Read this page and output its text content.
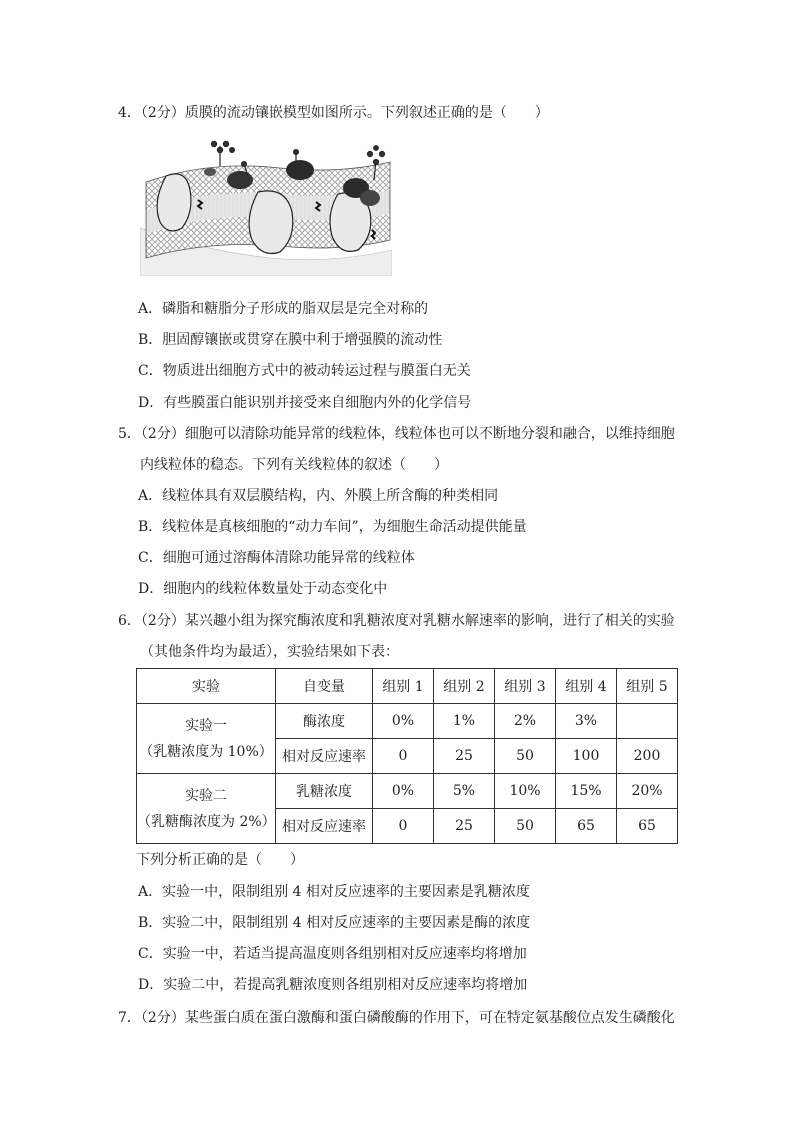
4．（2分）质膜的流动镶嵌模型如图所示。下列叙述正确的是（　　）
A．磷脂和糖脂分子形成的脂双层是完全对称的
B．胆固醇镶嵌或贯穿在膜中利于增强膜的流动性
C．物质进出细胞方式中的被动转运过程与膜蛋白无关
D．有些膜蛋白能识别并接受来自细胞内外的化学信号
5．（2分）细胞可以清除功能异常的线粒体，线粒体也可以不断地分裂和融合，以维持细胞
内线粒体的稳态。下列有关线粒体的叙述（　　）
A．线粒体具有双层膜结构，内、外膜上所含酶的种类相同
B．线粒体是真核细胞的“动力车间”，为细胞生命活动提供能量
C．细胞可通过溶酶体清除功能异常的线粒体
D．细胞内的线粒体数量处于动态变化中
6．（2分）某兴趣小组为探究酶浓度和乳糖浓度对乳糖水解速率的影响，进行了相关的实验
（其他条件均为最适），实验结果如下表：
实验	自变量	组别 1	组别 2	组别 3	组别 4	组别 5

实验一
（乳糖浓度为 10%）	酶浓度	0%	1%	2%	3%	
	相对反应速率	0	25	50	100	200

实验二
（乳糖酶浓度为 2%）	乳糖浓度	0%	5%	10%	15%	20%
	相对反应速率	0	25	50	65	65
下列分析正确的是（　　）
A．实验一中，限制组别 4 相对反应速率的主要因素是乳糖浓度
B．实验二中，限制组别 4 相对反应速率的主要因素是酶的浓度
C．实验一中，若适当提高温度则各组别相对反应速率均将增加
D．实验二中，若提高乳糖浓度则各组别相对反应速率均将增加
7．（2分）某些蛋白质在蛋白激酶和蛋白磷酸酶的作用下，可在特定氨基酸位点发生磷酸化
